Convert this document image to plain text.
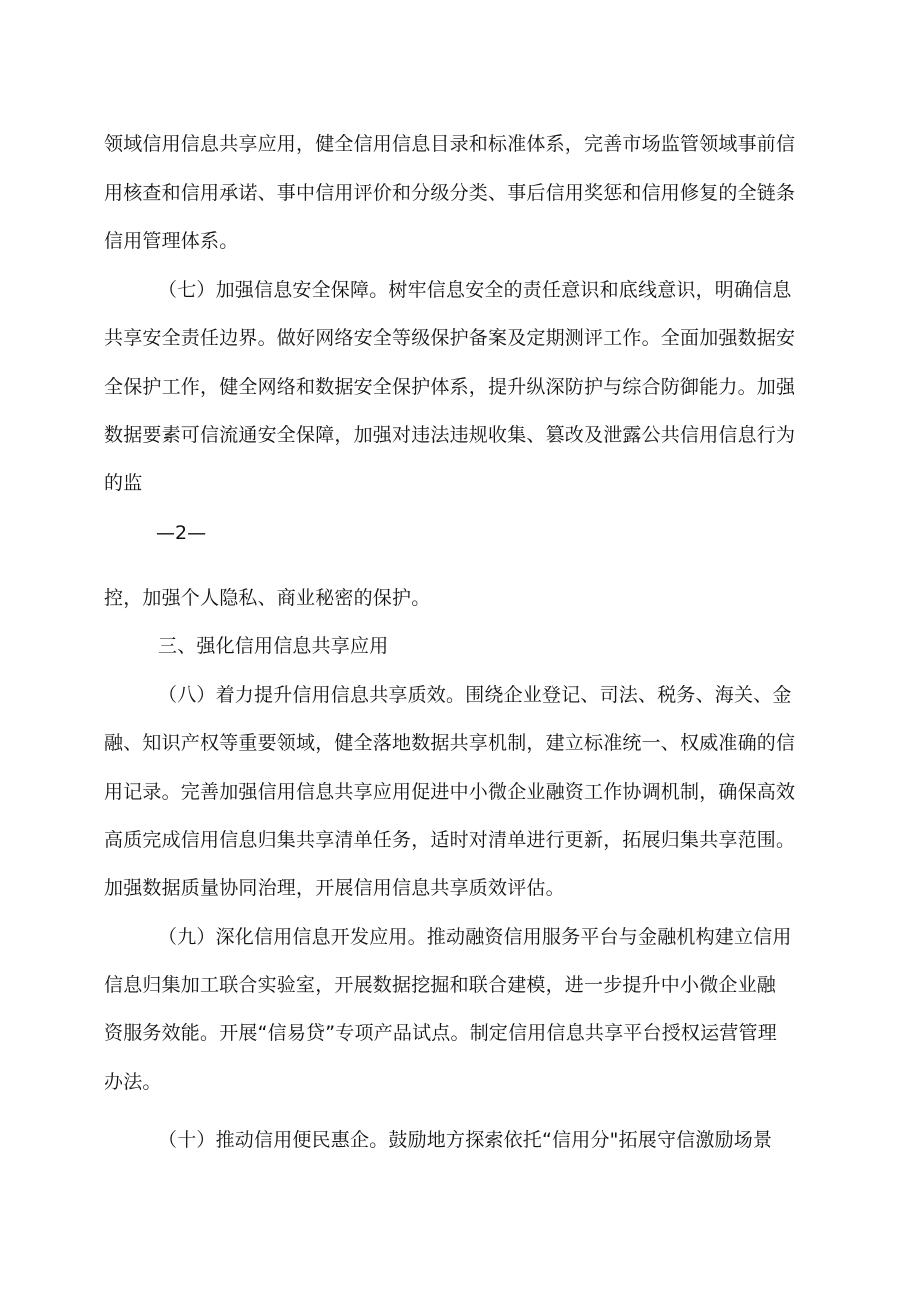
领域信用信息共享应用，健全信用信息目录和标准体系，完善市场监管领域事前信
用核查和信用承诺、事中信用评价和分级分类、事后信用奖惩和信用修复的全链条
信用管理体系。
（七）加强信息安全保障。树牢信息安全的责任意识和底线意识，明确信息
共享安全责任边界。做好网络安全等级保护备案及定期测评工作。全面加强数据安
全保护工作，健全网络和数据安全保护体系，提升纵深防护与综合防御能力。加强
数据要素可信流通安全保障，加强对违法违规收集、篡改及泄露公共信用信息行为
的监
—2—
控，加强个人隐私、商业秘密的保护。
三、强化信用信息共享应用
（八）着力提升信用信息共享质效。围绕企业登记、司法、税务、海关、金
融、知识产权等重要领域，健全落地数据共享机制，建立标准统一、权威准确的信
用记录。完善加强信用信息共享应用促进中小微企业融资工作协调机制，确保高效
高质完成信用信息归集共享清单任务，适时对清单进行更新，拓展归集共享范围。
加强数据质量协同治理，开展信用信息共享质效评估。
（九）深化信用信息开发应用。推动融资信用服务平台与金融机构建立信用
信息归集加工联合实验室，开展数据挖掘和联合建模，进一步提升中小微企业融
资服务效能。开展“信易贷”专项产品试点。制定信用信息共享平台授权运营管理
办法。
（十）推动信用便民惠企。鼓励地方探索依托“信用分"拓展守信激励场景
